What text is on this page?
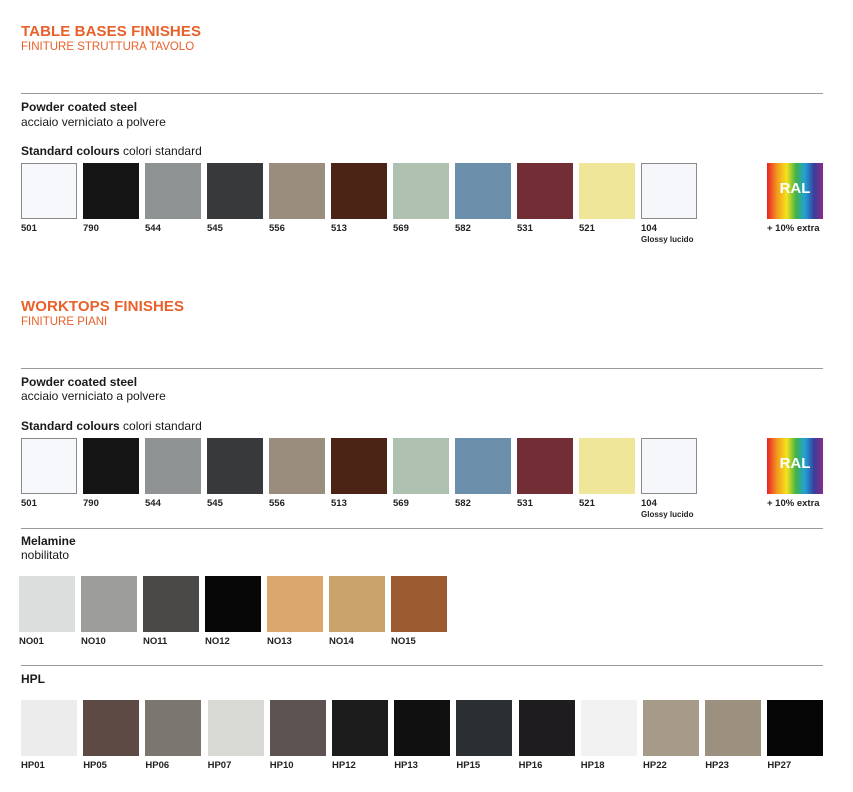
TABLE BASES FINISHES
FINITURE STRUTTURA TAVOLO
Powder coated steel
acciaio verniciato a polvere
Standard colours colori standard
501	790	544	545	556	513	569	582	531	521	104
Glossy lucido
RAL
+ 10% extra
WORKTOPS FINISHES
FINITURE PIANI
Powder coated steel
acciaio verniciato a polvere
Standard colours colori standard
501	790	544	545	556	513	569	582	531	521	104
Glossy lucido
RAL
+ 10% extra
Melamine
nobilitato
NO01	NO10	NO11	NO12	NO13	NO14	NO15
HPL
HP01	HP05	HP06	HP07	HP10	HP12	HP13	HP15	HP16	HP18	HP22	HP23	HP27
